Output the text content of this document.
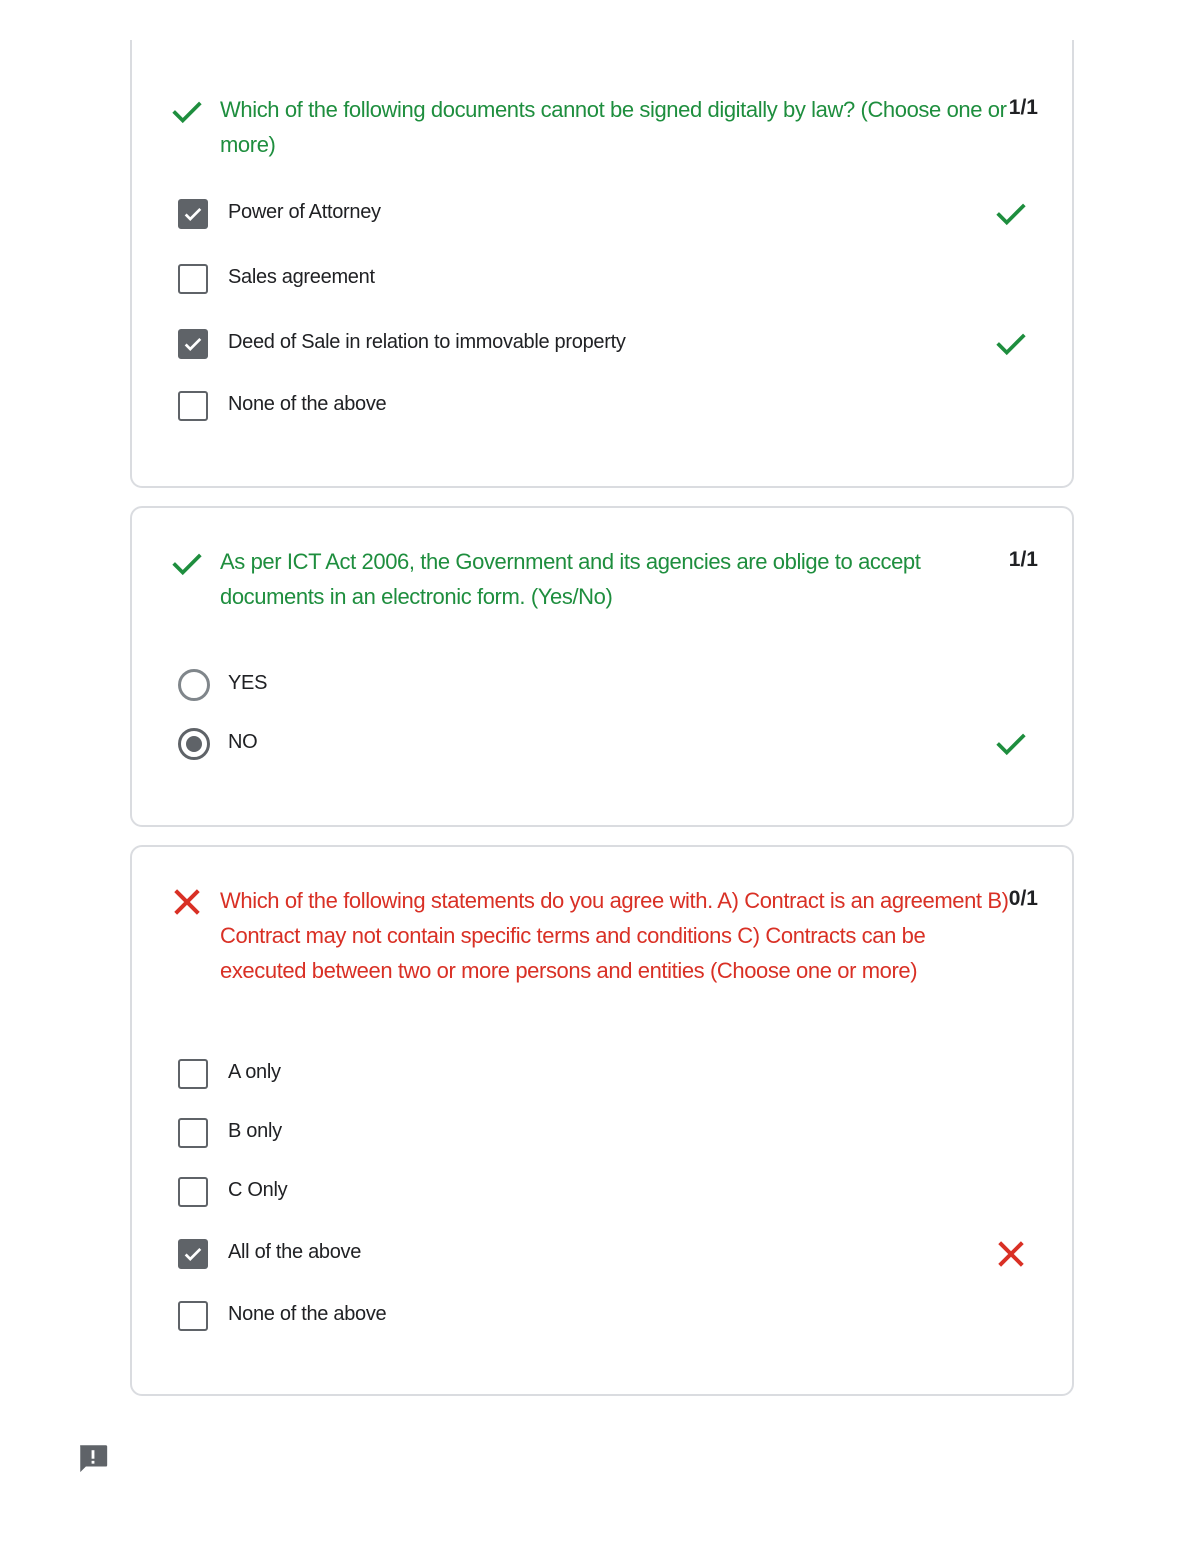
Which of the following documents cannot be signed digitally by law? (Choose one or more)
1/1
Power of Attorney
Sales agreement
Deed of Sale in relation to immovable property
None of the above
As per ICT Act 2006, the Government and its agencies are oblige to accept documents in an electronic form. (Yes/No)
1/1
YES
NO
Which of the following statements do you agree with. A) Contract is an agreement B) Contract may not contain specific terms and conditions C) Contracts can be executed between two or more persons and entities (Choose one or more)
0/1
A only
B only
C Only
All of the above
None of the above
